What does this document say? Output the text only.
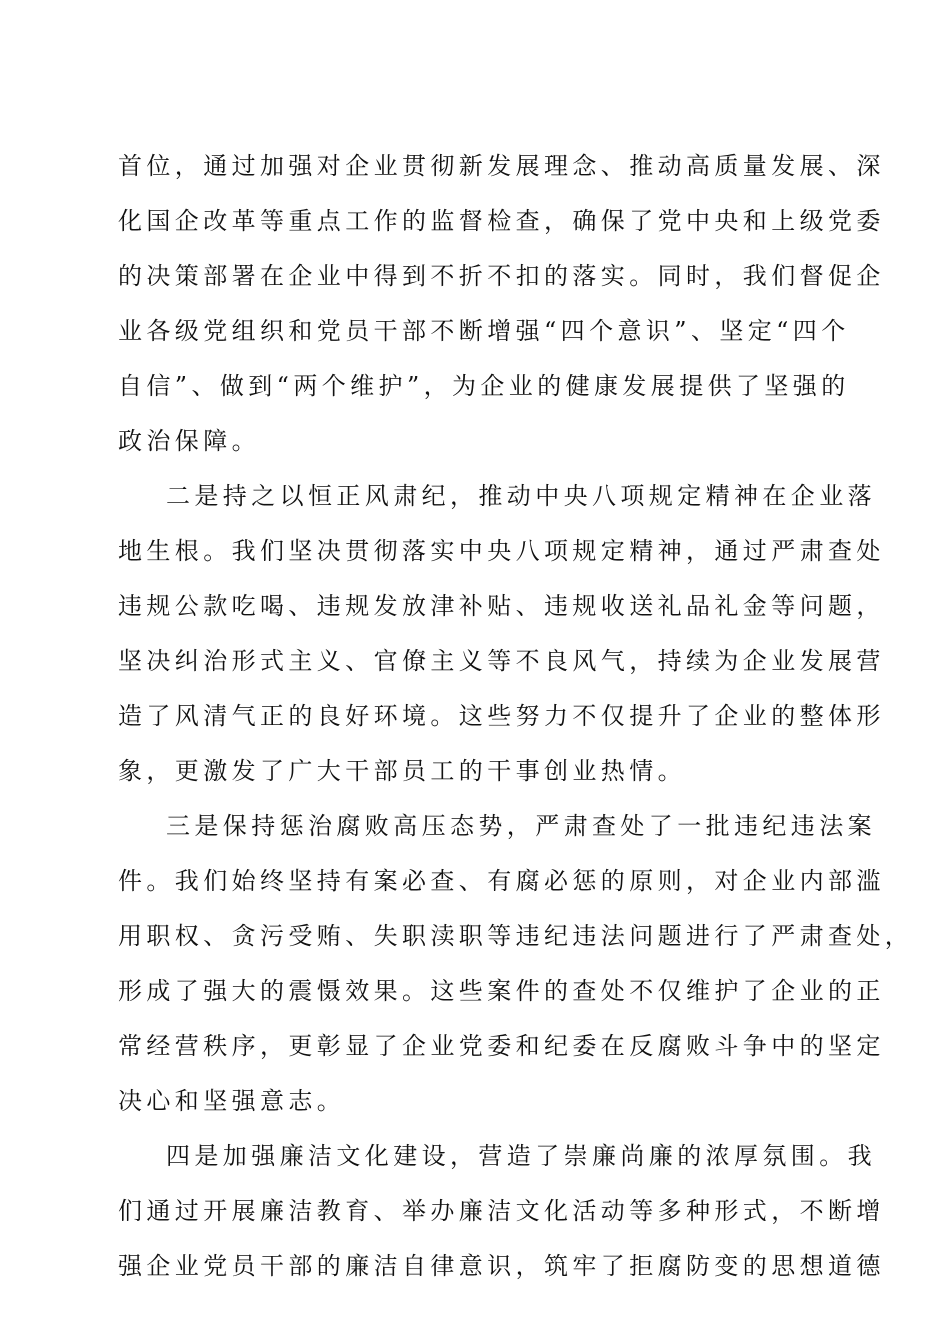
首位，通过加强对企业贯彻新发展理念、推动高质量发展、深
化国企改革等重点工作的监督检查，确保了党中央和上级党委
的决策部署在企业中得到不折不扣的落实。同时，我们督促企
业各级党组织和党员干部不断增强“四个意识”、坚定“四个
自信”、做到“两个维护”，为企业的健康发展提供了坚强的
政治保障。
二是持之以恒正风肃纪，推动中央八项规定精神在企业落
地生根。我们坚决贯彻落实中央八项规定精神，通过严肃查处
违规公款吃喝、违规发放津补贴、违规收送礼品礼金等问题，
坚决纠治形式主义、官僚主义等不良风气，持续为企业发展营
造了风清气正的良好环境。这些努力不仅提升了企业的整体形
象，更激发了广大干部员工的干事创业热情。
三是保持惩治腐败高压态势，严肃查处了一批违纪违法案
件。我们始终坚持有案必查、有腐必惩的原则，对企业内部滥
用职权、贪污受贿、失职渎职等违纪违法问题进行了严肃查处，
形成了强大的震慑效果。这些案件的查处不仅维护了企业的正
常经营秩序，更彰显了企业党委和纪委在反腐败斗争中的坚定
决心和坚强意志。
四是加强廉洁文化建设，营造了崇廉尚廉的浓厚氛围。我
们通过开展廉洁教育、举办廉洁文化活动等多种形式，不断增
强企业党员干部的廉洁自律意识，筑牢了拒腐防变的思想道德
